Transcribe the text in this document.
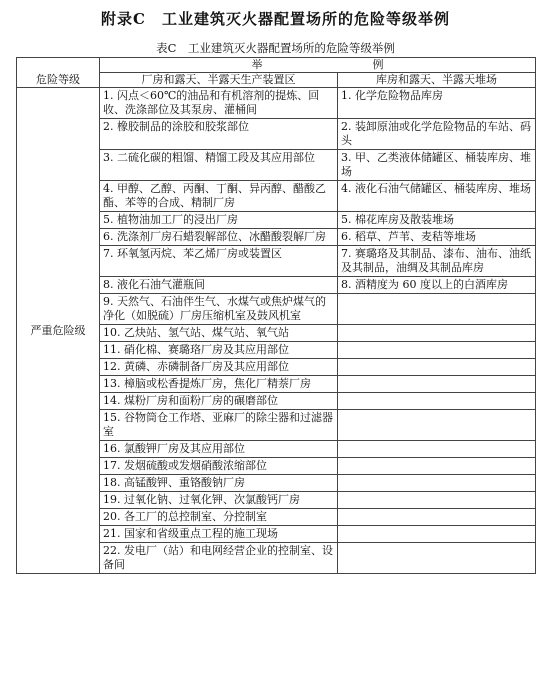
附录C　工业建筑灭火器配置场所的危险等级举例
表C　工业建筑灭火器配置场所的危险等级举例
危险等级	举　　　　　　　　　　例	
	厂房和露天、半露天生产装置区	库房和露天、半露天堆场
严重危险级	1. 闪点＜60℃的油品和有机溶剂的提炼、回收、洗涤部位及其泵房、灌桶间	1. 化学危险物品库房
	2. 橡胶制品的涂胶和胶浆部位	2. 装卸原油或化学危险物品的车站、码头
	3. 二硫化碳的粗馏、精馏工段及其应用部位	3. 甲、乙类液体储罐区、桶装库房、堆场
	4. 甲醇、乙醇、丙酮、丁酮、异丙醇、醋酸乙酯、苯等的合成、精制厂房	4. 液化石油气储罐区、桶装库房、堆场
	5. 植物油加工厂的浸出厂房	5. 棉花库房及散装堆场
	6. 洗涤剂厂房石蜡裂解部位、冰醋酸裂解厂房	6. 稻草、芦苇、麦秸等堆场
	7. 环氧氢丙烷、苯乙烯厂房或装置区	7. 赛璐珞及其制品、漆布、油布、油纸及其制品，油绸及其制品库房
	8. 液化石油气灌瓶间	8. 酒精度为 60 度以上的白酒库房
	9. 天然气、石油伴生气、水煤气或焦炉煤气的净化（如脱硫）厂房压缩机室及鼓风机室	
	10. 乙炔站、氢气站、煤气站、氧气站	
	11. 硝化棉、赛璐珞厂房及其应用部位	
	12. 黄磷、赤磷制备厂房及其应用部位	
	13. 樟脑或松香提炼厂房，焦化厂精萘厂房	
	14. 煤粉厂房和面粉厂房的碾磨部位	
	15. 谷物筒仓工作塔、亚麻厂的除尘器和过滤器室	
	16. 氯酸钾厂房及其应用部位	
	17. 发烟硫酸或发烟硝酸浓缩部位	
	18. 高锰酸钾、重铬酸钠厂房	
	19. 过氧化钠、过氧化钾、次氯酸钙厂房	
	20. 各工厂的总控制室、分控制室	
	21. 国家和省级重点工程的施工现场	
	22. 发电厂（站）和电网经营企业的控制室、设备间	
